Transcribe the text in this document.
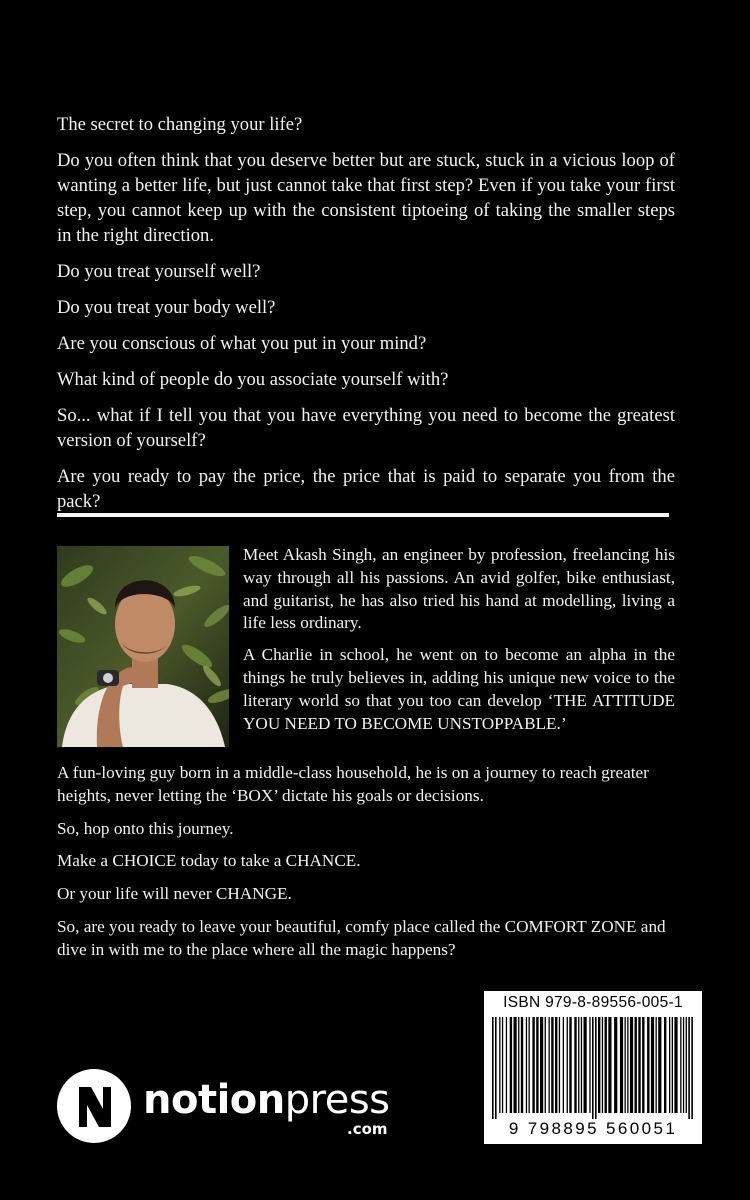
The secret to changing your life?

Do you often think that you deserve better but are stuck, stuck in a vicious loop of wanting a better life, but just cannot take that first step? Even if you take your first step, you cannot keep up with the consistent tiptoeing of taking the smaller steps in the right direction.

Do you treat yourself well?

Do you treat your body well?

Are you conscious of what you put in your mind?

What kind of people do you associate yourself with?

So... what if I tell you that you have everything you need to become the greatest version of yourself?

Are you ready to pay the price, the price that is paid to separate you from the pack?

Meet Akash Singh, an engineer by profession, freelancing his way through all his passions. An avid golfer, bike enthusiast, and guitarist, he has also tried his hand at modelling, living a life less ordinary.

A Charlie in school, he went on to become an alpha in the things he truly believes in, adding his unique new voice to the literary world so that you too can develop ‘THE ATTITUDE YOU NEED TO BECOME UNSTOPPABLE.’

A fun-loving guy born in a middle-class household, he is on a journey to reach greater heights, never letting the ‘BOX’ dictate his goals or decisions.

So, hop onto this journey.

Make a CHOICE today to take a CHANCE.

Or your life will never CHANGE.

So, are you ready to leave your beautiful, comfy place called the COMFORT ZONE and dive in with me to the place where all the magic happens?

ISBN 979-8-89556-005-1
9 798895 560051
notionpress
.com
